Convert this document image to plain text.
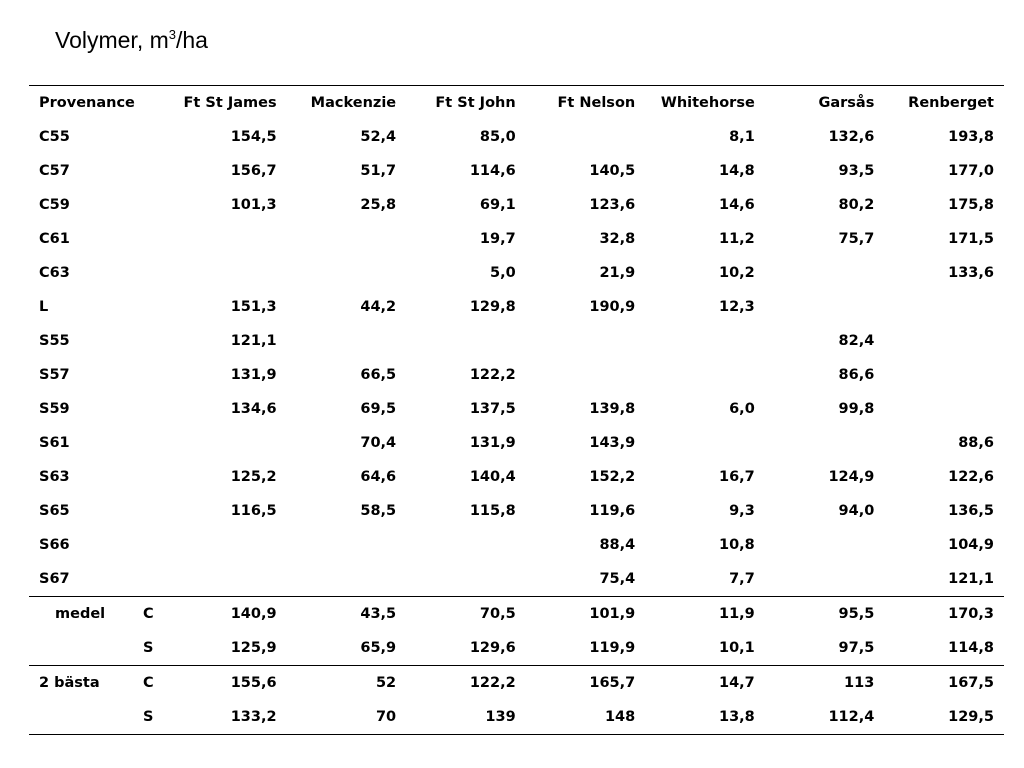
Volymer, $m^3/ha$
Provenance		Ft St James	Mackenzie	Ft St John	Ft Nelson	Whitehorse	Garsås	Renberget
C55		154,5	52,4	85,0		8,1	132,6	193,8
C57		156,7	51,7	114,6	140,5	14,8	93,5	177,0
C59		101,3	25,8	69,1	123,6	14,6	80,2	175,8
C61				19,7	32,8	11,2	75,7	171,5
C63				5,0	21,9	10,2		133,6
L		151,3	44,2	129,8	190,9	12,3		
S55		121,1					82,4	
S57		131,9	66,5	122,2			86,6	
S59		134,6	69,5	137,5	139,8	6,0	99,8	
S61			70,4	131,9	143,9			88,6
S63		125,2	64,6	140,4	152,2	16,7	124,9	122,6
S65		116,5	58,5	115,8	119,6	9,3	94,0	136,5
S66					88,4	10,8		104,9
S67					75,4	7,7		121,1
medel	C	140,9	43,5	70,5	101,9	11,9	95,5	170,3
	S	125,9	65,9	129,6	119,9	10,1	97,5	114,8
2 bästa	C	155,6	52	122,2	165,7	14,7	113	167,5
	S	133,2	70	139	148	13,8	112,4	129,5
